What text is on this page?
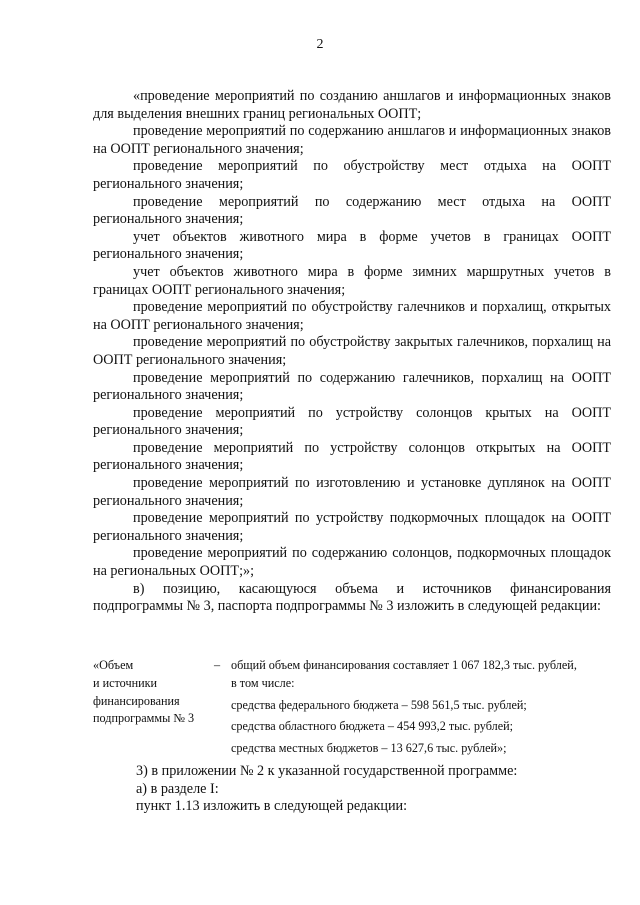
2

«проведение мероприятий по созданию аншлагов и информационных знаков для выделения внешних границ региональных ООПТ;

проведение мероприятий по содержанию аншлагов и информационных знаков на ООПТ регионального значения;

проведение мероприятий по обустройству мест отдыха на ООПТ регионального значения;

проведение мероприятий по содержанию мест отдыха на ООПТ регионального значения;

учет объектов животного мира в форме учетов в границах ООПТ регионального значения;

учет объектов животного мира в форме зимних маршрутных учетов в границах ООПТ регионального значения;

проведение мероприятий по обустройству галечников и порхалищ, открытых на ООПТ регионального значения;

проведение мероприятий по обустройству закрытых галечников, порхалищ на ООПТ регионального значения;

проведение мероприятий по содержанию галечников, порхалищ на ООПТ регионального значения;

проведение мероприятий по устройству солонцов крытых на ООПТ регионального значения;

проведение мероприятий по устройству солонцов открытых на ООПТ регионального значения;

проведение мероприятий по изготовлению и установке дуплянок на ООПТ регионального значения;

проведение мероприятий по устройству подкормочных площадок на ООПТ регионального значения;

проведение мероприятий по содержанию солонцов, подкормочных площадок на региональных ООПТ;»;

в) позицию, касающуюся объема и источников финансирования подпрограммы № 3, паспорта подпрограммы № 3 изложить в следующей редакции:

«Объем
и источники
финансирования
подпрограммы № 3
– общий объем финансирования составляет 1 067 182,3 тыс. рублей,
в том числе:
средства федерального бюджета – 598 561,5 тыс. рублей;
средства областного бюджета – 454 993,2 тыс. рублей;
средства местных бюджетов – 13 627,6 тыс. рублей»;
3) в приложении № 2 к указанной государственной программе:
а) в разделе I:
пункт 1.13 изложить в следующей редакции:
